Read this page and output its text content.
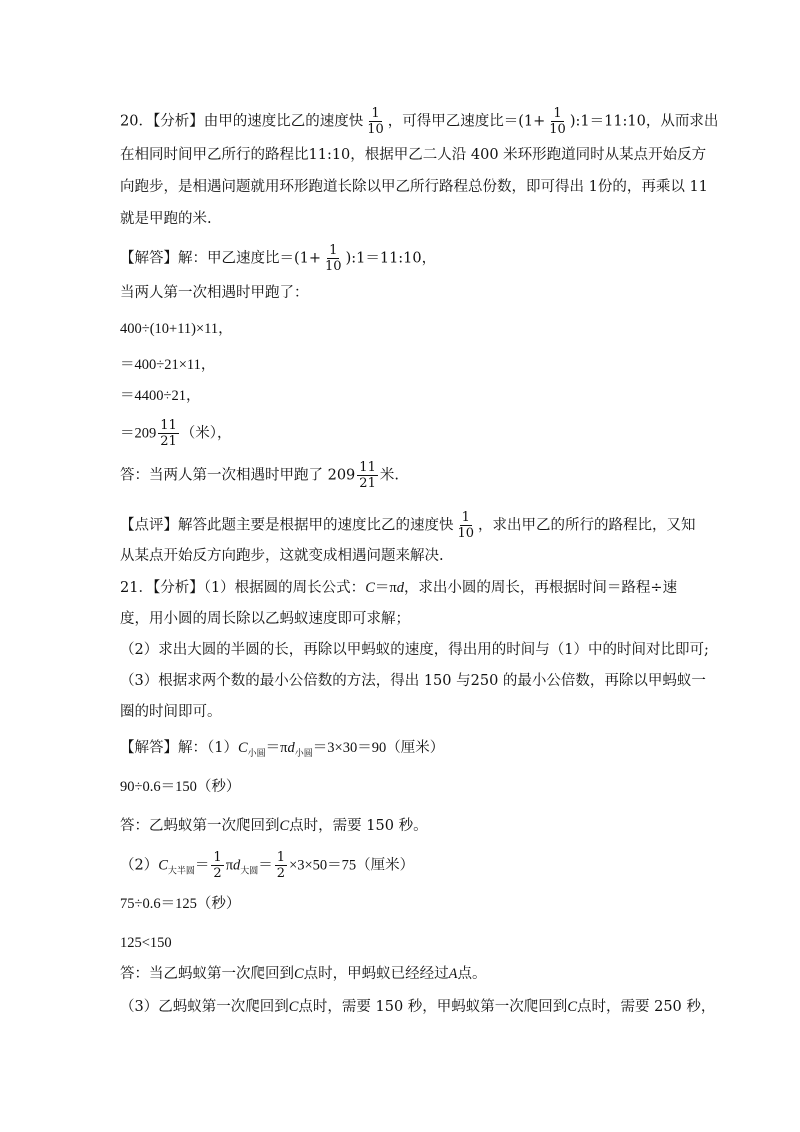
20．【分析】由甲的速度比乙的速度快 $\frac{1}{10}$ ，可得甲乙速度比$=(1+ \frac{1}{10}$ ):1＝11:10，从而求出
在相同时间甲乙所行的路程比11:10，根据甲乙二人沿 400 米环形跑道同时从某点开始反方
向跑步，是相遇问题就用环形跑道长除以甲乙所行路程总份数，即可得出 1份的，再乘以 11
就是甲跑的米.
【解答】解：甲乙速度比$=(1+ \frac{1}{10}$ ):1＝11:10，
当两人第一次相遇时甲跑了：
400÷(10+11)×11，
＝400÷21×11，
＝4400÷21，
$=209 \frac{11}{21}$ （米），
答：当两人第一次相遇时甲跑了 $209 \frac{11}{21}$ 米.
【点评】解答此题主要是根据甲的速度比乙的速度快 $\frac{1}{10}$ ，求出甲乙的所行的路程比，又知
从某点开始反方向跑步，这就变成相遇问题来解决.
21．【分析】（1）根据圆的周长公式：C＝πd，求出小圆的周长，再根据时间＝路程÷速
度，用小圆的周长除以乙蚂蚁速度即可求解；
（2）求出大圆的半圆的长，再除以甲蚂蚁的速度，得出用的时间与（1）中的时间对比即可;
（3）根据求两个数的最小公倍数的方法，得出 150 与250 的最小公倍数，再除以甲蚂蚁一
圈的时间即可。
【解答】解：$(1)C_{小圆}=\pi d_{小圆}=3\times 30=90$（厘米）
90÷0.6＝150（秒）
答：乙蚂蚁第一次爬回到C点时，需要 150 秒。
$(2)C_{大半圆}= \frac{1}{2} \pi d_{大圆}= \frac{1}{2} \times 3\times 50=75$（厘米）
75÷0.6＝125（秒）
125<150
答：当乙蚂蚁第一次爬回到C点时，甲蚂蚁已经经过A点。
（3）乙蚂蚁第一次爬回到C点时，需要 150 秒，甲蚂蚁第一次爬回到C点时，需要 250 秒，
